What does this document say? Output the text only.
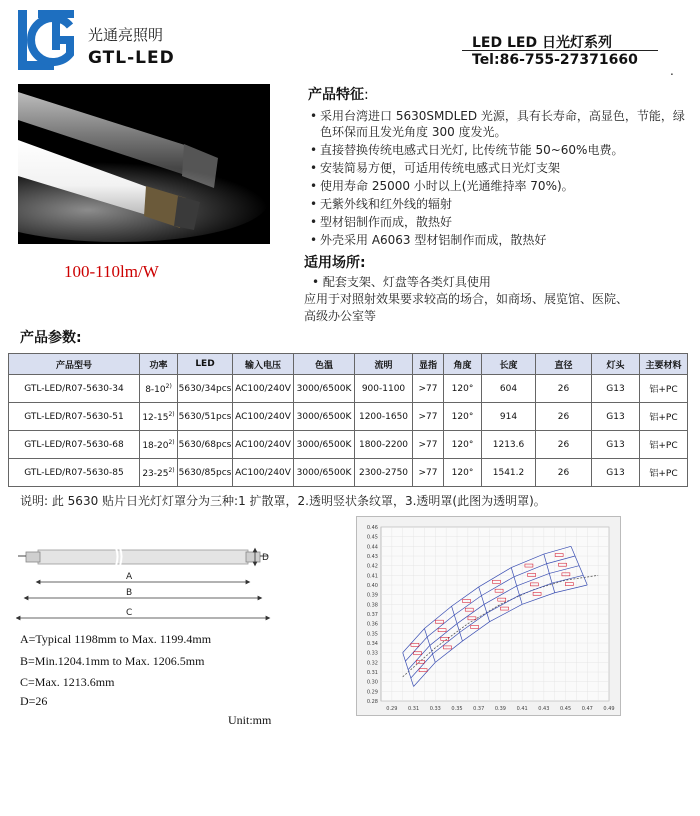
光通亮照明
GTL-LED
LED LED 日光灯系列
Tel:86-755-27371660
.
100-110lm/W
产品特征:
• 采用台湾进口 5630SMDLED 光源，具有长寿命，高显色，节能，绿色环保而且发光角度 300 度发光。
• 直接替换传统电感式日光灯, 比传统节能 50~60%电费。
• 安装简易方便，可适用传统电感式日光灯支架
• 使用寿命 25000 小时以上(光通维持率 70%)。
• 无紫外线和红外线的辐射
• 型材铝制作而成，散热好
• 外壳采用 A6063 型材铝制作而成，散热好
适用场所:

• 配套支架、灯盘等各类灯具使用

应用于对照射效果要求较高的场合，如商场、展览馆、医院、

高级办公室等

产品参数:
产品型号	功率	LED	输入电压	色温	流明	显指	角度	长度	直径	灯头	主要材料
GTL-LED/R07-5630-34	8-10$^{2)}$	5630/34pcs	AC100/240V	3000/6500K	900-1100	>77	120°	604	26	G13	铝+PC
GTL-LED/R07-5630-51	12-15$^{2)}$	5630/51pcs	AC100/240V	3000/6500K	1200-1650	>77	120°	914	26	G13	铝+PC
GTL-LED/R07-5630-68	18-20$^{2)}$	5630/68pcs	AC100/240V	3000/6500K	1800-2200	>77	120°	1213.6	26	G13	铝+PC
GTL-LED/R07-5630-85	23-25$^{2)}$	5630/85pcs	AC100/240V	3000/6500K	2300-2750	>77	120°	1541.2	26	G13	铝+PC
说明: 此 5630 贴片日光灯灯罩分为三种:1 扩散罩，2.透明竖状条纹罩，3.透明罩(此图为透明罩)。
D
A
B
C
A=Typical 1198mm to Max. 1199.4mm
B=Min.1204.1mm to Max. 1206.5mm
C=Max. 1213.6mm
D=26
Unit:mm
0.29 0.31 0.33 0.35 0.37 0.39 0.41 0.43 0.45 0.47 0.49
0.28
0.29
0.30
0.31
0.32
0.33
0.34
0.35
0.36
0.37
0.38
0.39
0.40
0.41
0.42
0.43
0.44
0.45
0.46
